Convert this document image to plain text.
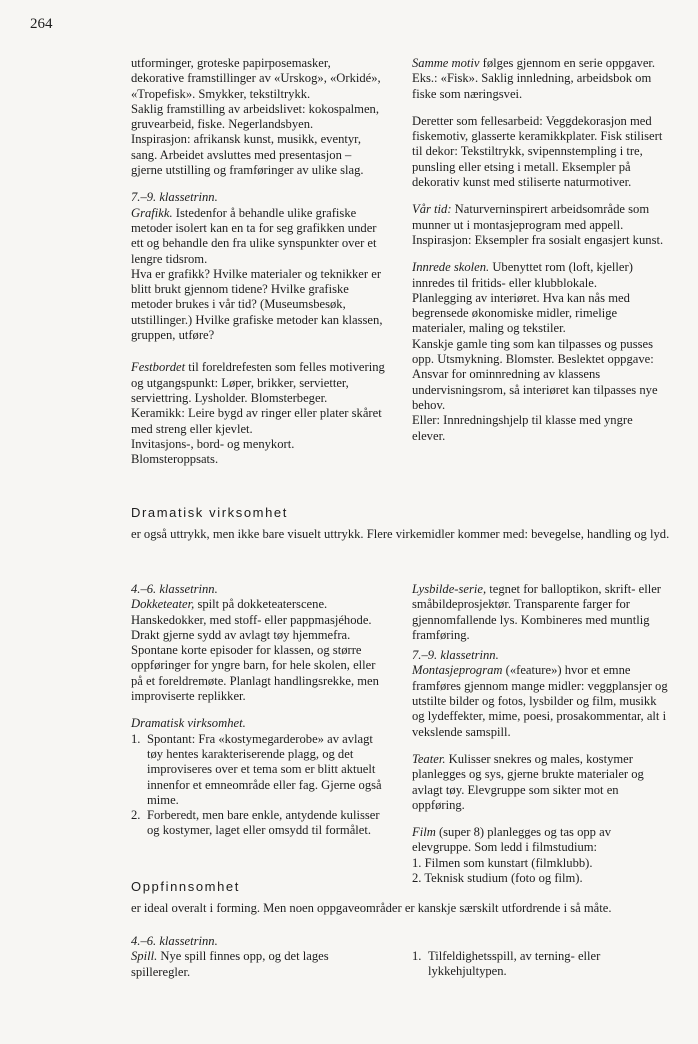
264

utforminger, groteske papirposemasker, dekorative framstillinger av «Urskog», «Orkidé», «Tropefisk». Smykker, tekstiltrykk.

Saklig framstilling av arbeidslivet: kokospalmen, gruvearbeid, fiske. Negerlandsbyen.

Inspirasjon: afrikansk kunst, musikk, eventyr, sang. Arbeidet avsluttes med presentasjon – gjerne utstilling og framføringer av ulike slag.

7.–9. klassetrinn.

Grafikk. Istedenfor å behandle ulike grafiske metoder isolert kan en ta for seg grafikken under ett og behandle den fra ulike synspunkter over et lengre tidsrom.

Hva er grafikk? Hvilke materialer og teknikker er blitt brukt gjennom tidene? Hvilke grafiske metoder brukes i vår tid? (Museumsbesøk, utstillinger.) Hvilke grafiske metoder kan klassen, gruppen, utføre?

Festbordet til foreldrefesten som felles motivering og utgangspunkt: Løper, brikker, servietter, serviettring. Lysholder. Blomsterbeger.

Keramikk: Leire bygd av ringer eller plater skåret med streng eller kjevlet.

Invitasjons-, bord- og menykort.

Blomsteroppsats.

Samme motiv følges gjennom en serie oppgaver. Eks.: «Fisk». Saklig innledning, arbeidsbok om fiske som næringsvei.

Deretter som fellesarbeid: Veggdekorasjon med fiskemotiv, glasserte keramikkplater. Fisk stilisert til dekor: Tekstiltrykk, svipennstempling i tre, punsling eller etsing i metall. Eksempler på dekorativ kunst med stiliserte naturmotiver.

Vår tid: Naturverninspirert arbeidsområde som munner ut i montasjeprogram med appell.

Inspirasjon: Eksempler fra sosialt engasjert kunst.

Innrede skolen. Ubenyttet rom (loft, kjeller) innredes til fritids- eller klubblokale.

Planlegging av interiøret. Hva kan nås med begrensede økonomiske midler, rimelige materialer, maling og tekstiler.

Kanskje gamle ting som kan tilpasses og pusses opp. Utsmykning. Blomster. Beslektet oppgave: Ansvar for ominnredning av klassens undervisningsrom, så interiøret kan tilpasses nye behov.

Eller: Innredningshjelp til klasse med yngre elever.

Dramatisk virksomhet
er også uttrykk, men ikke bare visuelt uttrykk. Flere virkemidler kommer med: bevegelse, handling og lyd.

4.–6. klassetrinn.

Dokketeater, spilt på dokketeaterscene. Hanskedokker, med stoff- eller pappmasjéhode. Drakt gjerne sydd av avlagt tøy hjemmefra. Spontane korte episoder for klassen, og større oppføringer for yngre barn, for hele skolen, eller på et foreldremøte. Planlagt handlingsrekke, men improviserte replikker.

Dramatisk virksomhet.

1. Spontant: Fra «kostymegarderobe» av avlagt tøy hentes karakteriserende plagg, og det improviseres over et tema som er blitt aktuelt innenfor et emneområde eller fag. Gjerne også mime.
2. Forberedt, men bare enkle, antydende kulisser og kostymer, laget eller omsydd til formålet.

Lysbilde-serie, tegnet for balloptikon, skrift- eller småbildeprosjektør. Transparente farger for gjennomfallende lys. Kombineres med muntlig framføring.

7.–9. klassetrinn.

Montasjeprogram («feature») hvor et emne framføres gjennom mange midler: veggplansjer og utstilte bilder og fotos, lysbilder og film, musikk og lydeffekter, mime, poesi, prosakommentar, alt i vekslende samspill.

Teater. Kulisser snekres og males, kostymer planlegges og sys, gjerne brukte materialer og avlagt tøy. Elevgruppe som sikter mot en oppføring.

Film (super 8) planlegges og tas opp av elevgruppe. Som ledd i filmstudium:

1. Filmen som kunstart (filmklubb).

2. Teknisk studium (foto og film).

Oppfinnsomhet
er ideal overalt i forming. Men noen oppgaveområder er kanskje særskilt utfordrende i så måte.

4.–6. klassetrinn.

Spill. Nye spill finnes opp, og det lages spilleregler.

1. Tilfeldighetsspill, av terning- eller lykkehjultypen.
